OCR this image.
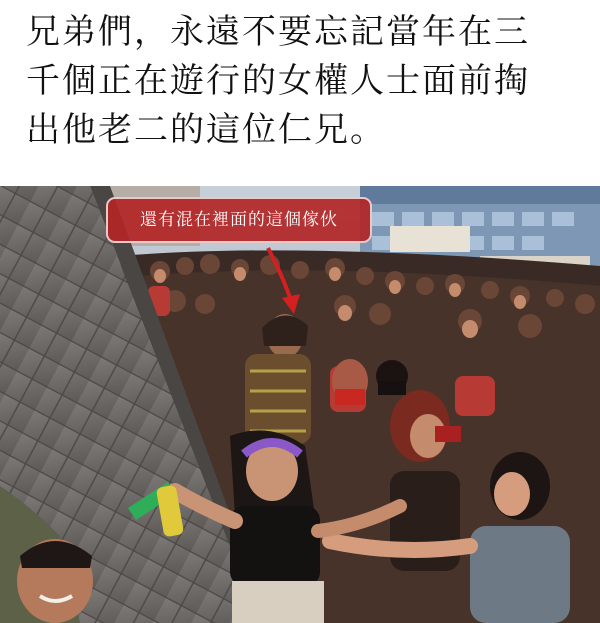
兄弟們，永遠不要忘記當年在三
千個正在遊行的女權人士面前掏
出他老二的這位仁兄。
還有混在裡面的這個傢伙
